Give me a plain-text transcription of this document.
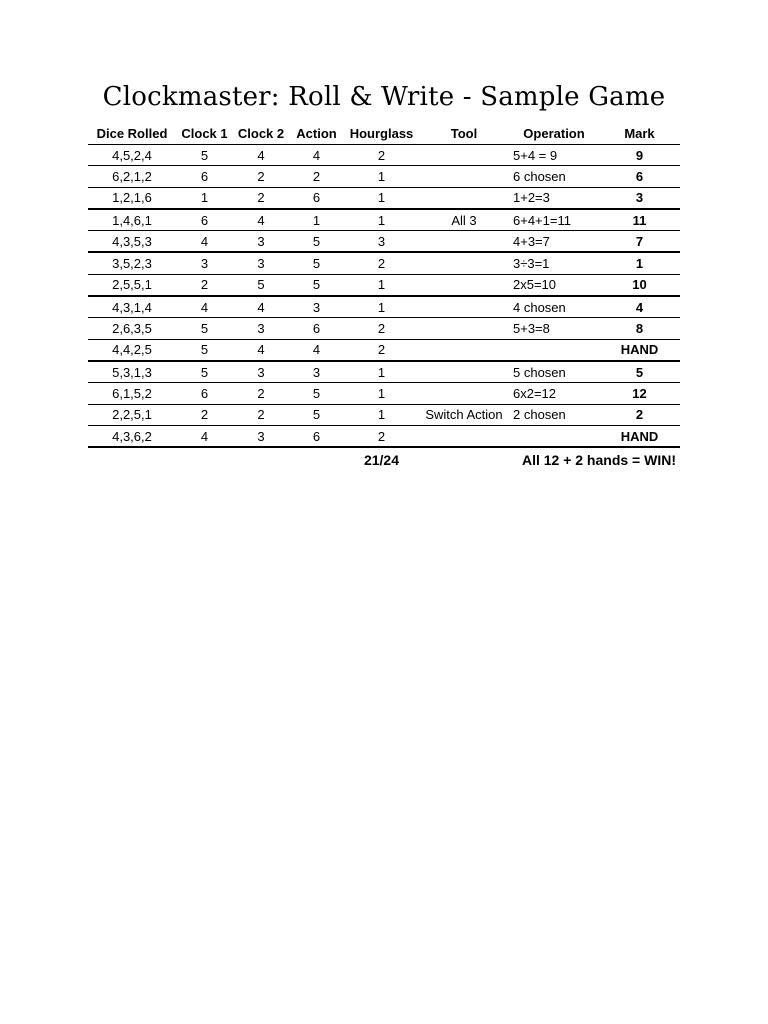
Clockmaster: Roll & Write - Sample Game
Dice Rolled	Clock 1	Clock 2	Action	Hourglass	Tool	Operation	Mark
4,5,2,4	5	4	4	2		5+4 = 9	9
6,2,1,2	6	2	2	1		6 chosen	6
1,2,1,6	1	2	6	1		1+2=3	3
1,4,6,1	6	4	1	1	All 3	6+4+1=11	11
4,3,5,3	4	3	5	3		4+3=7	7
3,5,2,3	3	3	5	2		3÷3=1	1
2,5,5,1	2	5	5	1		2x5=10	10
4,3,1,4	4	4	3	1		4 chosen	4
2,6,3,5	5	3	6	2		5+3=8	8
4,4,2,5	5	4	4	2			HAND
5,3,1,3	5	3	3	1		5 chosen	5
6,1,5,2	6	2	5	1		6x2=12	12
2,2,5,1	2	2	5	1	Switch Action	2 chosen	2
4,3,6,2	4	3	6	2			HAND
				21/24	All 12 + 2 hands = WIN!		
